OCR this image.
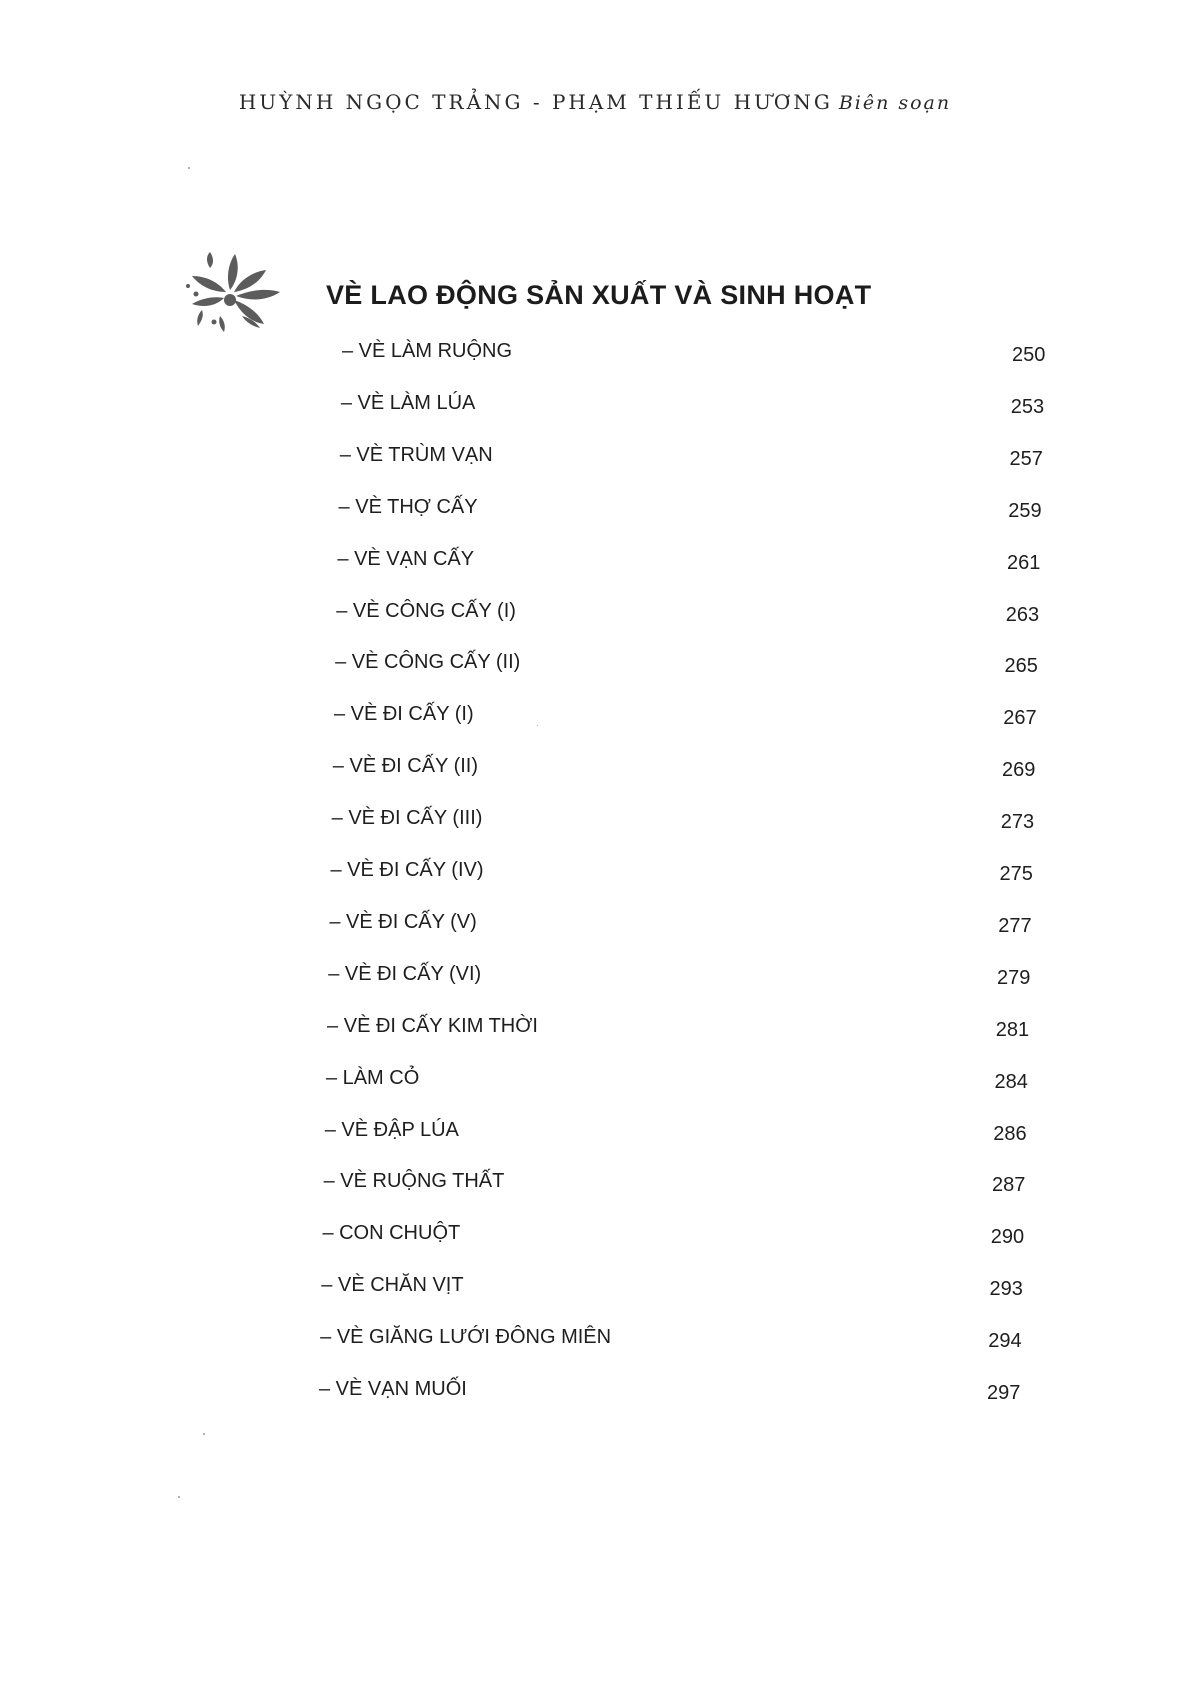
HUỲNH NGỌC TRẢNG - PHẠM THIẾU HƯƠNG Biên soạn
VÈ LAO ĐỘNG SẢN XUẤT VÀ SINH HOẠT
– VÈ LÀM RUỘNG	250
– VÈ LÀM LÚA	253
– VÈ TRÙM VẠN	257
– VÈ THỢ CẤY	259
– VÈ VẠN CẤY	261
– VÈ CÔNG CẤY (I)	263
– VÈ CÔNG CẤY (II)	265
– VÈ ĐI CẤY (I)	267
– VÈ ĐI CẤY (II)	269
– VÈ ĐI CẤY (III)	273
– VÈ ĐI CẤY (IV)	275
– VÈ ĐI CẤY (V)	277
– VÈ ĐI CẤY (VI)	279
– VÈ ĐI CẤY KIM THỜI	281
– LÀM CỎ	284
– VÈ ĐẬP LÚA	286
– VÈ RUỘNG THẤT	287
– CON CHUỘT	290
– VÈ CHĂN VỊT	293
– VÈ GIĂNG LƯỚI ĐÔNG MIÊN	294
– VÈ VẠN MUỐI	297
